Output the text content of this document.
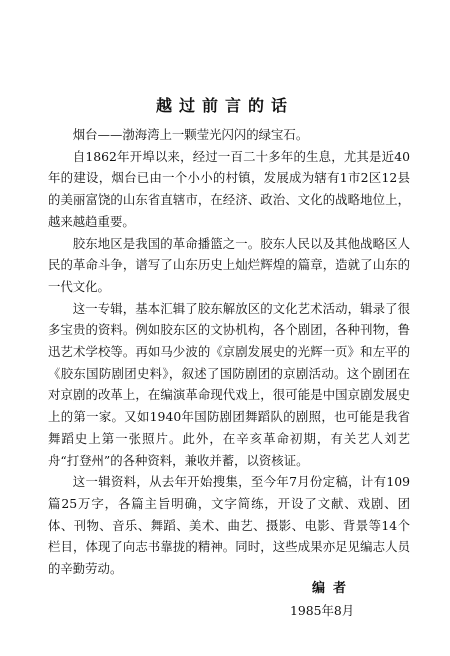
越过前言的话

烟台——渤海湾上一颗莹光闪闪的绿宝石。

自1862年开埠以来，经过一百二十多年的生息，尤其是近40年的建设，烟台已由一个小小的村镇，发展成为辖有1市2区12县的美丽富饶的山东省直辖市，在经济、政治、文化的战略地位上，越来越趋重要。

胶东地区是我国的革命播篮之一。胶东人民以及其他战略区人民的革命斗争，谱写了山东历史上灿烂辉煌的篇章，造就了山东的一代文化。

这一专辑，基本汇辑了胶东解放区的文化艺术活动，辑录了很多宝贵的资料。例如胶东区的文协机构，各个剧团，各种刊物，鲁迅艺术学校等。再如马少波的《京剧发展史的光辉一页》和左平的《胶东国防剧团史料》，叙述了国防剧团的京剧活动。这个剧团在对京剧的改革上，在编演革命现代戏上，很可能是中国京剧发展史上的第一家。又如1940年国防剧团舞蹈队的剧照，也可能是我省舞蹈史上第一张照片。此外，在辛亥革命初期，有关艺人刘艺舟“打登州”的各种资料，兼收并蓄，以资核证。

这一辑资料，从去年开始搜集，至今年7月份定稿，计有109篇25万字，各篇主旨明确，文字简练，开设了文献、戏剧、团体、刊物、音乐、舞蹈、美术、曲艺、摄影、电影、背景等14个栏目，体现了向志书靠拢的精神。同时，这些成果亦足见编志人员的辛勤劳动。

编者
1985年8月
